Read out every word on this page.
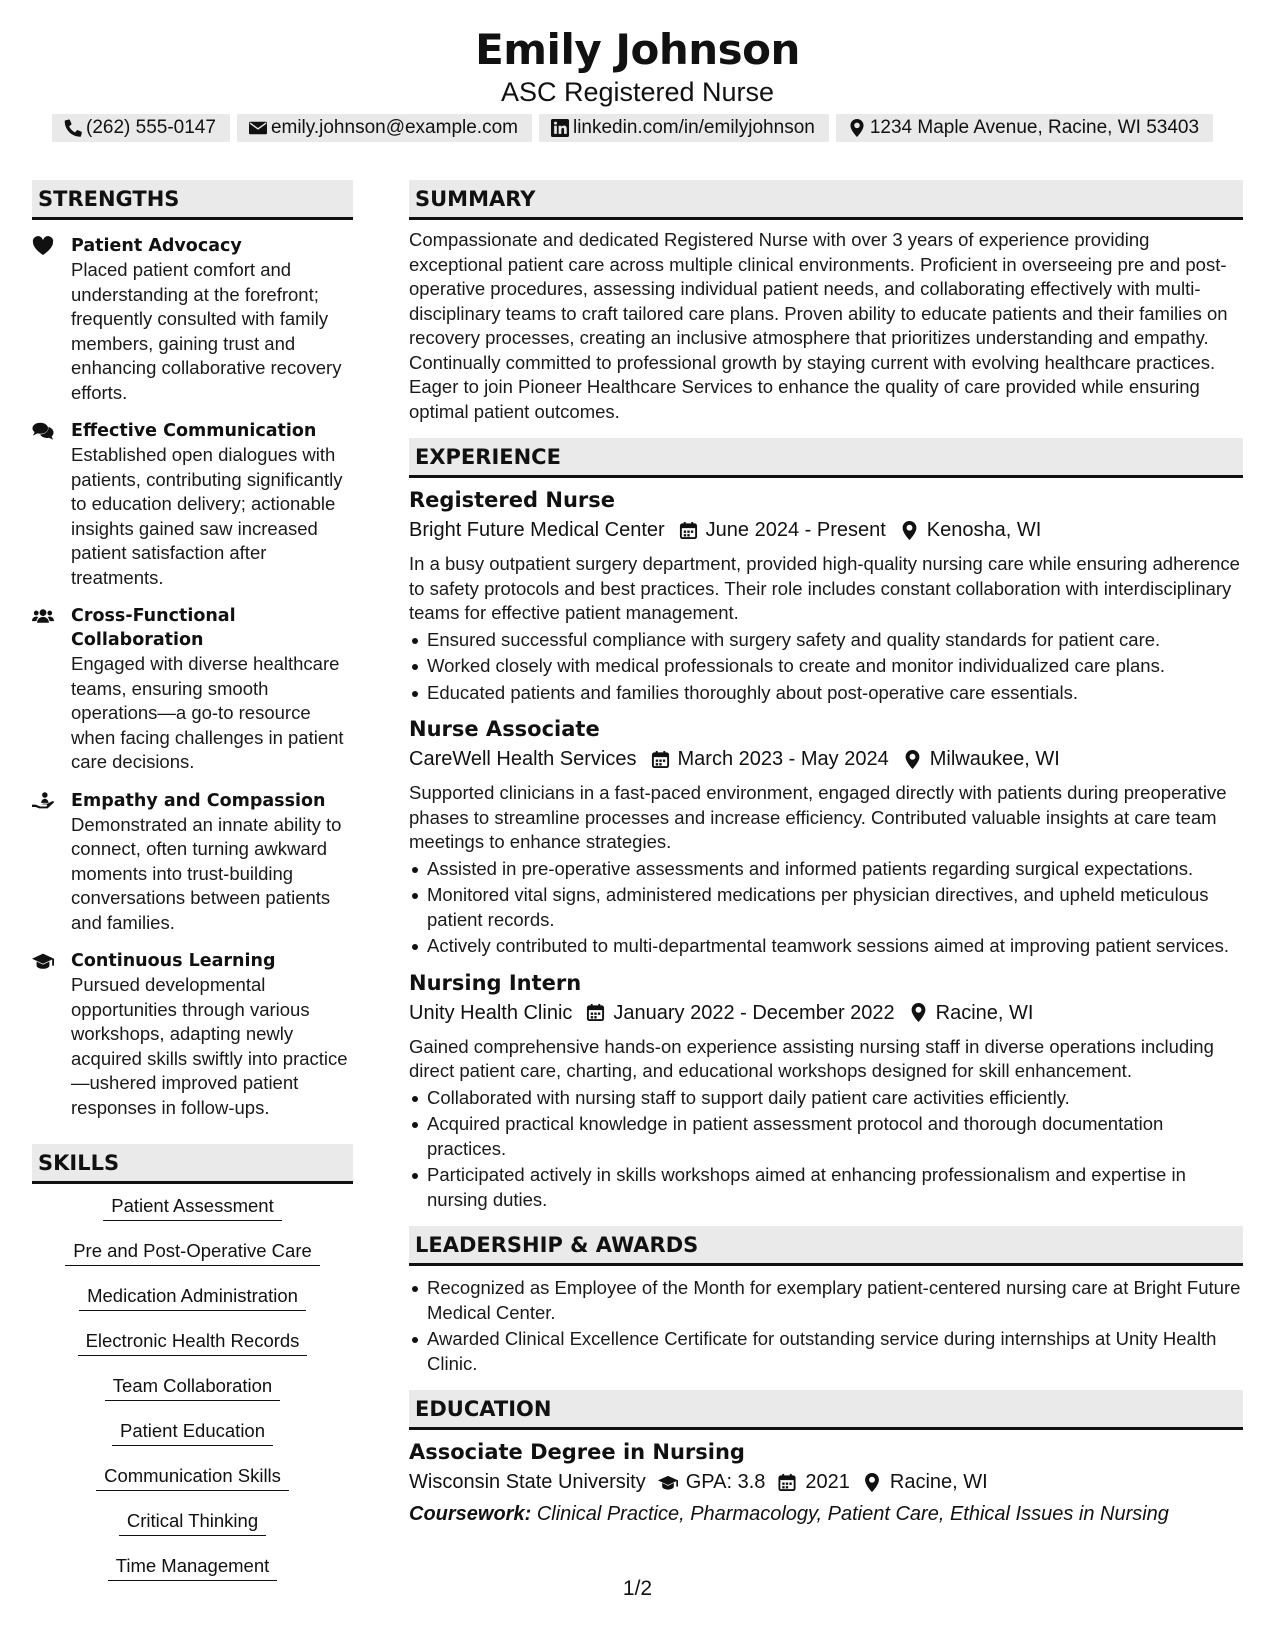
Emily Johnson
ASC Registered Nurse
(262) 555-0147	emily.johnson@example.com	linkedin.com/in/emilyjohnson	1234 Maple Avenue, Racine, WI 53403
STRENGTHS
Patient Advocacy
Placed patient comfort and understanding at the forefront; frequently consulted with family members, gaining trust and enhancing collaborative recovery efforts.
Effective Communication
Established open dialogues with patients, contributing significantly to education delivery; actionable insights gained saw increased patient satisfaction after treatments.
Cross-Functional Collaboration
Engaged with diverse healthcare teams, ensuring smooth operations—a go-to resource when facing challenges in patient care decisions.
Empathy and Compassion
Demonstrated an innate ability to connect, often turning awkward moments into trust-building conversations between patients and families.
Continuous Learning
Pursued developmental opportunities through various workshops, adapting newly acquired skills swiftly into practice—ushered improved patient responses in follow-ups.
SKILLS
Patient Assessment
Pre and Post-Operative Care
Medication Administration
Electronic Health Records
Team Collaboration
Patient Education
Communication Skills
Critical Thinking
Time Management
SUMMARY
Compassionate and dedicated Registered Nurse with over 3 years of experience providing exceptional patient care across multiple clinical environments. Proficient in overseeing pre and post-operative procedures, assessing individual patient needs, and collaborating effectively with multi-disciplinary teams to craft tailored care plans. Proven ability to educate patients and their families on recovery processes, creating an inclusive atmosphere that prioritizes understanding and empathy. Continually committed to professional growth by staying current with evolving healthcare practices. Eager to join Pioneer Healthcare Services to enhance the quality of care provided while ensuring optimal patient outcomes.
EXPERIENCE
Registered Nurse
Bright Future Medical Center June 2024 - Present Kenosha, WI
In a busy outpatient surgery department, provided high-quality nursing care while ensuring adherence to safety protocols and best practices. Their role includes constant collaboration with interdisciplinary teams for effective patient management.
Ensured successful compliance with surgery safety and quality standards for patient care.
Worked closely with medical professionals to create and monitor individualized care plans.
Educated patients and families thoroughly about post-operative care essentials.
Nurse Associate
CareWell Health Services March 2023 - May 2024 Milwaukee, WI
Supported clinicians in a fast-paced environment, engaged directly with patients during preoperative phases to streamline processes and increase efficiency. Contributed valuable insights at care team meetings to enhance strategies.
Assisted in pre-operative assessments and informed patients regarding surgical expectations.
Monitored vital signs, administered medications per physician directives, and upheld meticulous patient records.
Actively contributed to multi-departmental teamwork sessions aimed at improving patient services.
Nursing Intern
Unity Health Clinic January 2022 - December 2022 Racine, WI
Gained comprehensive hands-on experience assisting nursing staff in diverse operations including direct patient care, charting, and educational workshops designed for skill enhancement.
Collaborated with nursing staff to support daily patient care activities efficiently.
Acquired practical knowledge in patient assessment protocol and thorough documentation practices.
Participated actively in skills workshops aimed at enhancing professionalism and expertise in nursing duties.
LEADERSHIP & AWARDS
Recognized as Employee of the Month for exemplary patient-centered nursing care at Bright Future Medical Center.
Awarded Clinical Excellence Certificate for outstanding service during internships at Unity Health Clinic.
EDUCATION
Associate Degree in Nursing
Wisconsin State University GPA: 3.8 2021 Racine, WI
Coursework: Clinical Practice, Pharmacology, Patient Care, Ethical Issues in Nursing
1/2
